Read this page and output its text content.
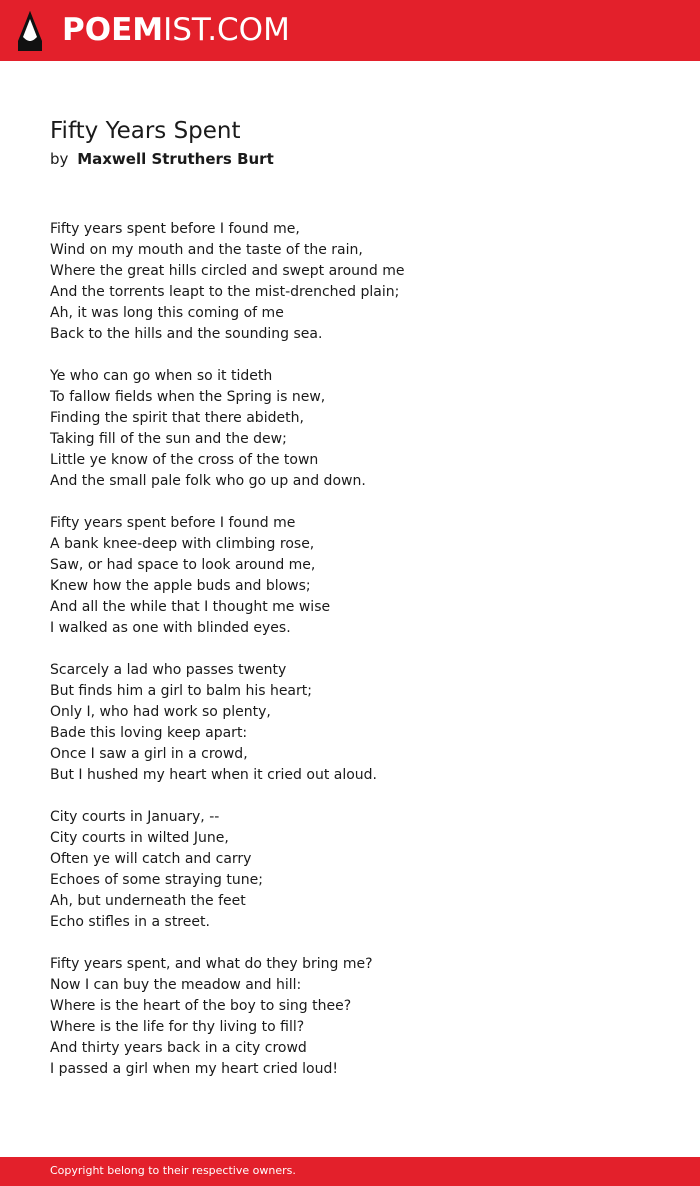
POEMIST.COM
Fifty Years Spent
by Maxwell Struthers Burt
Fifty years spent before I found me,
Wind on my mouth and the taste of the rain,
Where the great hills circled and swept around me
And the torrents leapt to the mist-drenched plain;
Ah, it was long this coming of me
Back to the hills and the sounding sea.
Ye who can go when so it tideth
To fallow fields when the Spring is new,
Finding the spirit that there abideth,
Taking fill of the sun and the dew;
Little ye know of the cross of the town
And the small pale folk who go up and down.
Fifty years spent before I found me
A bank knee-deep with climbing rose,
Saw, or had space to look around me,
Knew how the apple buds and blows;
And all the while that I thought me wise
I walked as one with blinded eyes.
Scarcely a lad who passes twenty
But finds him a girl to balm his heart;
Only I, who had work so plenty,
Bade this loving keep apart:
Once I saw a girl in a crowd,
But I hushed my heart when it cried out aloud.
City courts in January, --
City courts in wilted June,
Often ye will catch and carry
Echoes of some straying tune;
Ah, but underneath the feet
Echo stifles in a street.
Fifty years spent, and what do they bring me?
Now I can buy the meadow and hill:
Where is the heart of the boy to sing thee?
Where is the life for thy living to fill?
And thirty years back in a city crowd
I passed a girl when my heart cried loud!
Copyright belong to their respective owners.
